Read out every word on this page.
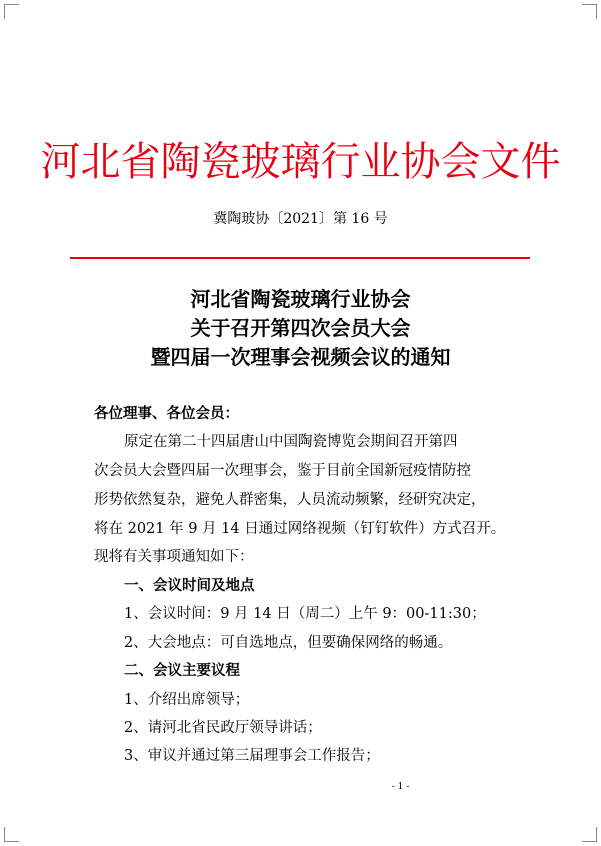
河北省陶瓷玻璃行业协会文件
冀陶玻协〔2021〕第 16 号
河北省陶瓷玻璃行业协会
关于召开第四次会员大会
暨四届一次理事会视频会议的通知
各位理事、各位会员：
原定在第二十四届唐山中国陶瓷博览会期间召开第四
次会员大会暨四届一次理事会，鉴于目前全国新冠疫情防控
形势依然复杂，避免人群密集，人员流动频繁，经研究决定，
将在 2021 年 9 月 14 日通过网络视频（钉钉软件）方式召开。
现将有关事项通知如下：
一、会议时间及地点
1、会议时间：9 月 14 日（周二）上午 9：00-11:30；
2、大会地点：可自选地点，但要确保网络的畅通。
二、会议主要议程
1、介绍出席领导；
2、请河北省民政厅领导讲话；
3、审议并通过第三届理事会工作报告；
- 1 -
